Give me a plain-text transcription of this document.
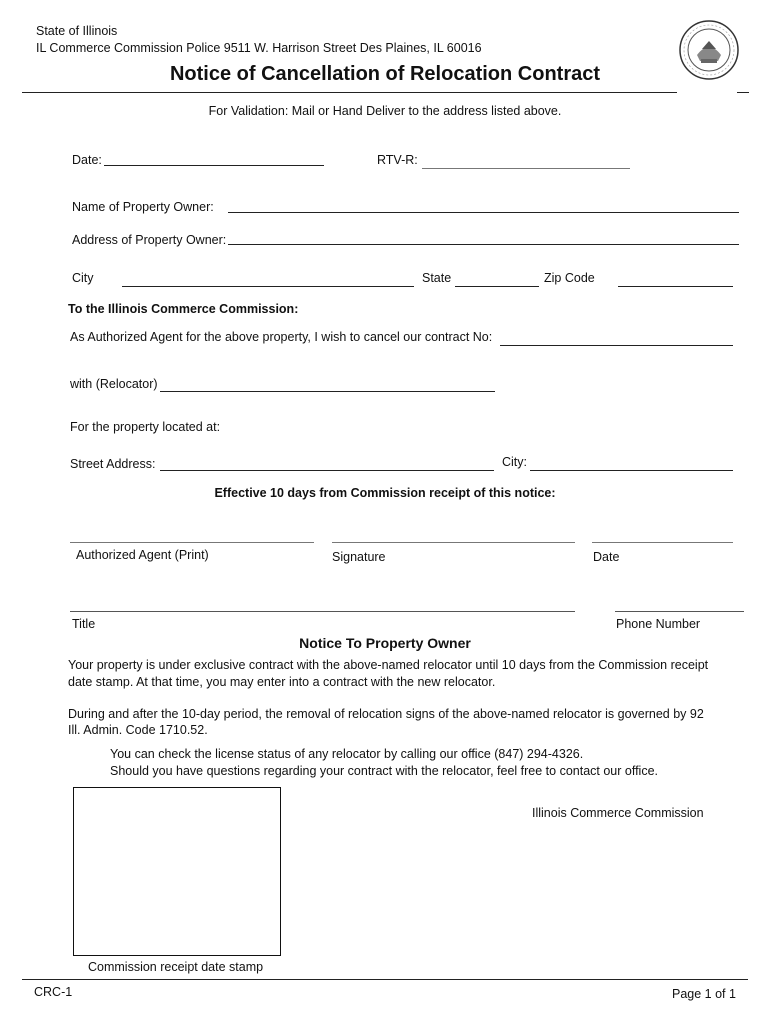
State of Illinois
IL Commerce Commission Police 9511 W. Harrison Street Des Plaines, IL 60016
Notice of Cancellation of Relocation Contract
For Validation: Mail or Hand Deliver to the address listed above.
Date:	RTV-R:
Name of Property Owner:
Address of Property Owner:
City	State	Zip Code
To the Illinois Commerce Commission:
As Authorized Agent for the above property, I wish to cancel our contract No:
with (Relocator)
For the property located at:
Street Address:	City:
Effective 10 days from Commission receipt of this notice:
Authorized Agent (Print)	Signature	Date
Title	Phone Number
Notice To Property Owner
Your property is under exclusive contract with the above-named relocator until 10 days from the Commission receipt
date stamp. At that time, you may enter into a contract with the new relocator.
During and after the 10-day period, the removal of relocation signs of the above-named relocator is governed by 92
Ill. Admin. Code 1710.52.
You can check the license status of any relocator by calling our office (847) 294-4326.
Should you have questions regarding your contract with the relocator, feel free to contact our office.
Illinois Commerce Commission
Commission receipt date stamp
CRC-1	Page 1 of 1
